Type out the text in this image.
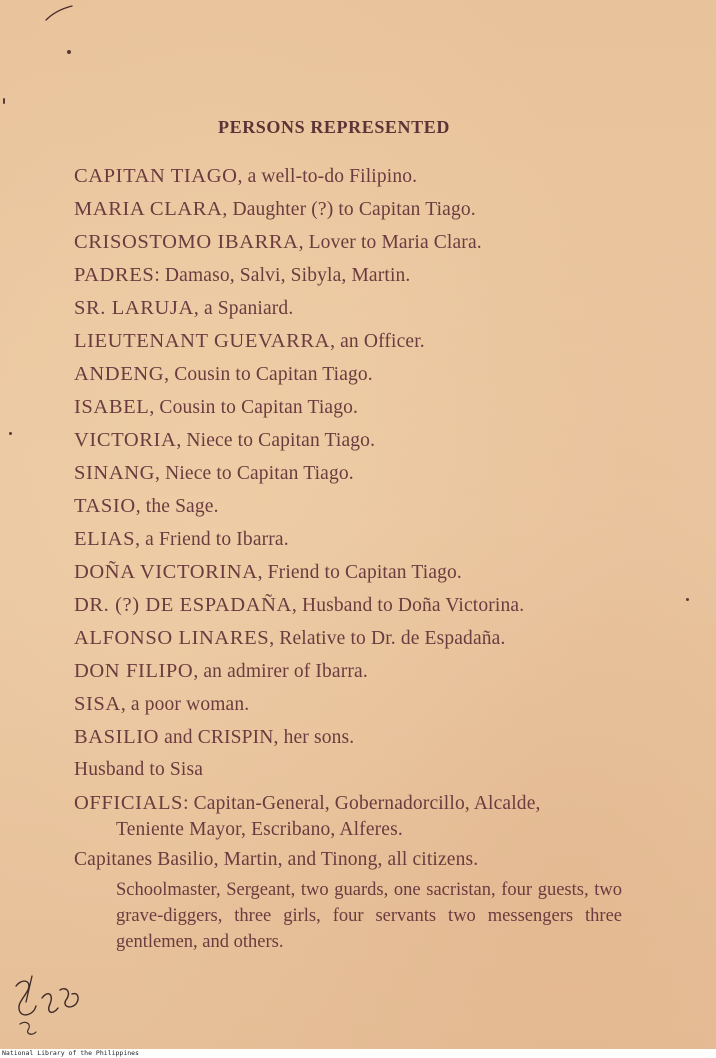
PERSONS REPRESENTED
CAPITAN TIAGO, a well-to-do Filipino.
MARIA CLARA, Daughter (?) to Capitan Tiago.
CRISOSTOMO IBARRA, Lover to Maria Clara.
PADRES: Damaso, Salvi, Sibyla, Martin.
SR. LARUJA, a Spaniard.
LIEUTENANT GUEVARRA, an Officer.
ANDENG, Cousin to Capitan Tiago.
ISABEL, Cousin to Capitan Tiago.
VICTORIA, Niece to Capitan Tiago.
SINANG, Niece to Capitan Tiago.
TASIO, the Sage.
ELIAS, a Friend to Ibarra.
DOÑA VICTORINA, Friend to Capitan Tiago.
DR. (?) DE ESPADAÑA, Husband to Doña Victorina.
ALFONSO LINARES, Relative to Dr. de Espadaña.
DON FILIPO, an admirer of Ibarra.
SISA, a poor woman.
BASILIO and CRISPIN, her sons.
Husband to Sisa
OFFICIALS: Capitan-General, Gobernadorcillo, Alcalde,
Teniente Mayor, Escribano, Alferes.
Capitanes Basilio, Martin, and Tinong, all citizens.
Schoolmaster, Sergeant, two guards, one sacristan, four guests, two grave-diggers, three girls, four servants two messengers three gentlemen, and others.
National Library of the Philippines
